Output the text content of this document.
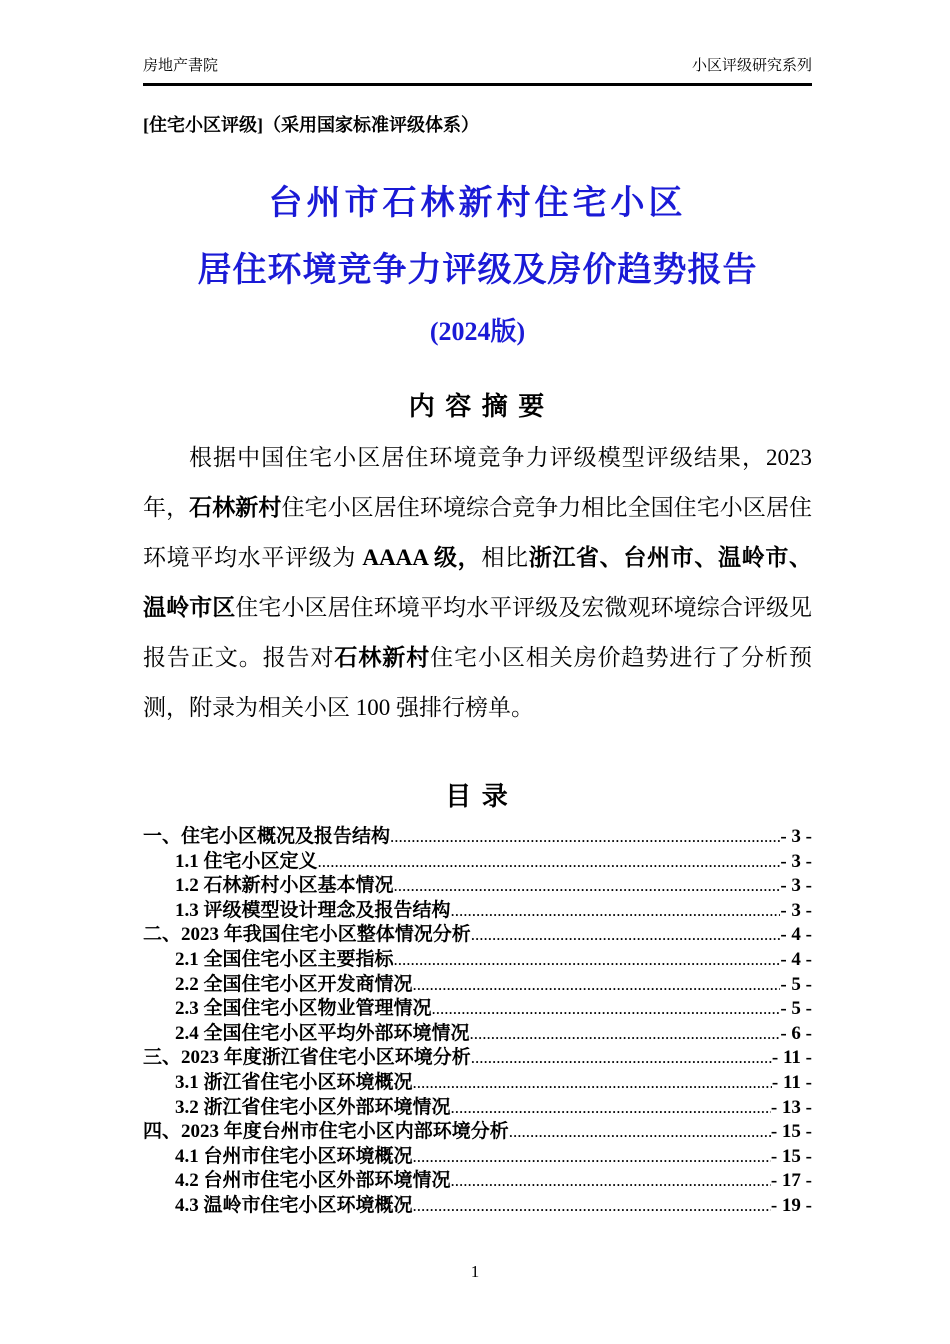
房地产書院	小区评级研究系列
[住宅小区评级]（采用国家标准评级体系）
台州市石林新村住宅小区
居住环境竞争力评级及房价趋势报告
(2024版)
内 容 摘 要
根据中国住宅小区居住环境竞争力评级模型评级结果，2023 年，石林新村住宅小区居住环境综合竞争力相比全国住宅小区居住环境平均水平评级为 AAAA 级，相比浙江省、台州市、温岭市、温岭市区住宅小区居住环境平均水平评级及宏微观环境综合评级见报告正文。报告对石林新村住宅小区相关房价趋势进行了分析预测，附录为相关小区 100 强排行榜单。
目 录
一、住宅小区概况及报告结构 .....	- 3 -
1.1 住宅小区定义 .....	- 3 -
1.2 石林新村小区基本情况 .....	- 3 -
1.3 评级模型设计理念及报告结构 .....	- 3 -
二、2023 年我国住宅小区整体情况分析 .....	- 4 -
2.1 全国住宅小区主要指标 .....	- 4 -
2.2 全国住宅小区开发商情况 .....	- 5 -
2.3 全国住宅小区物业管理情况 .....	- 5 -
2.4 全国住宅小区平均外部环境情况 .....	- 6 -
三、2023 年度浙江省住宅小区环境分析 .....	- 11 -
3.1 浙江省住宅小区环境概况 .....	- 11 -
3.2 浙江省住宅小区外部环境情况 .....	- 13 -
四、2023 年度台州市住宅小区内部环境分析 .....	- 15 -
4.1 台州市住宅小区环境概况 .....	- 15 -
4.2 台州市住宅小区外部环境情况 .....	- 17 -
4.3 温岭市住宅小区环境概况 .....	- 19 -
1
